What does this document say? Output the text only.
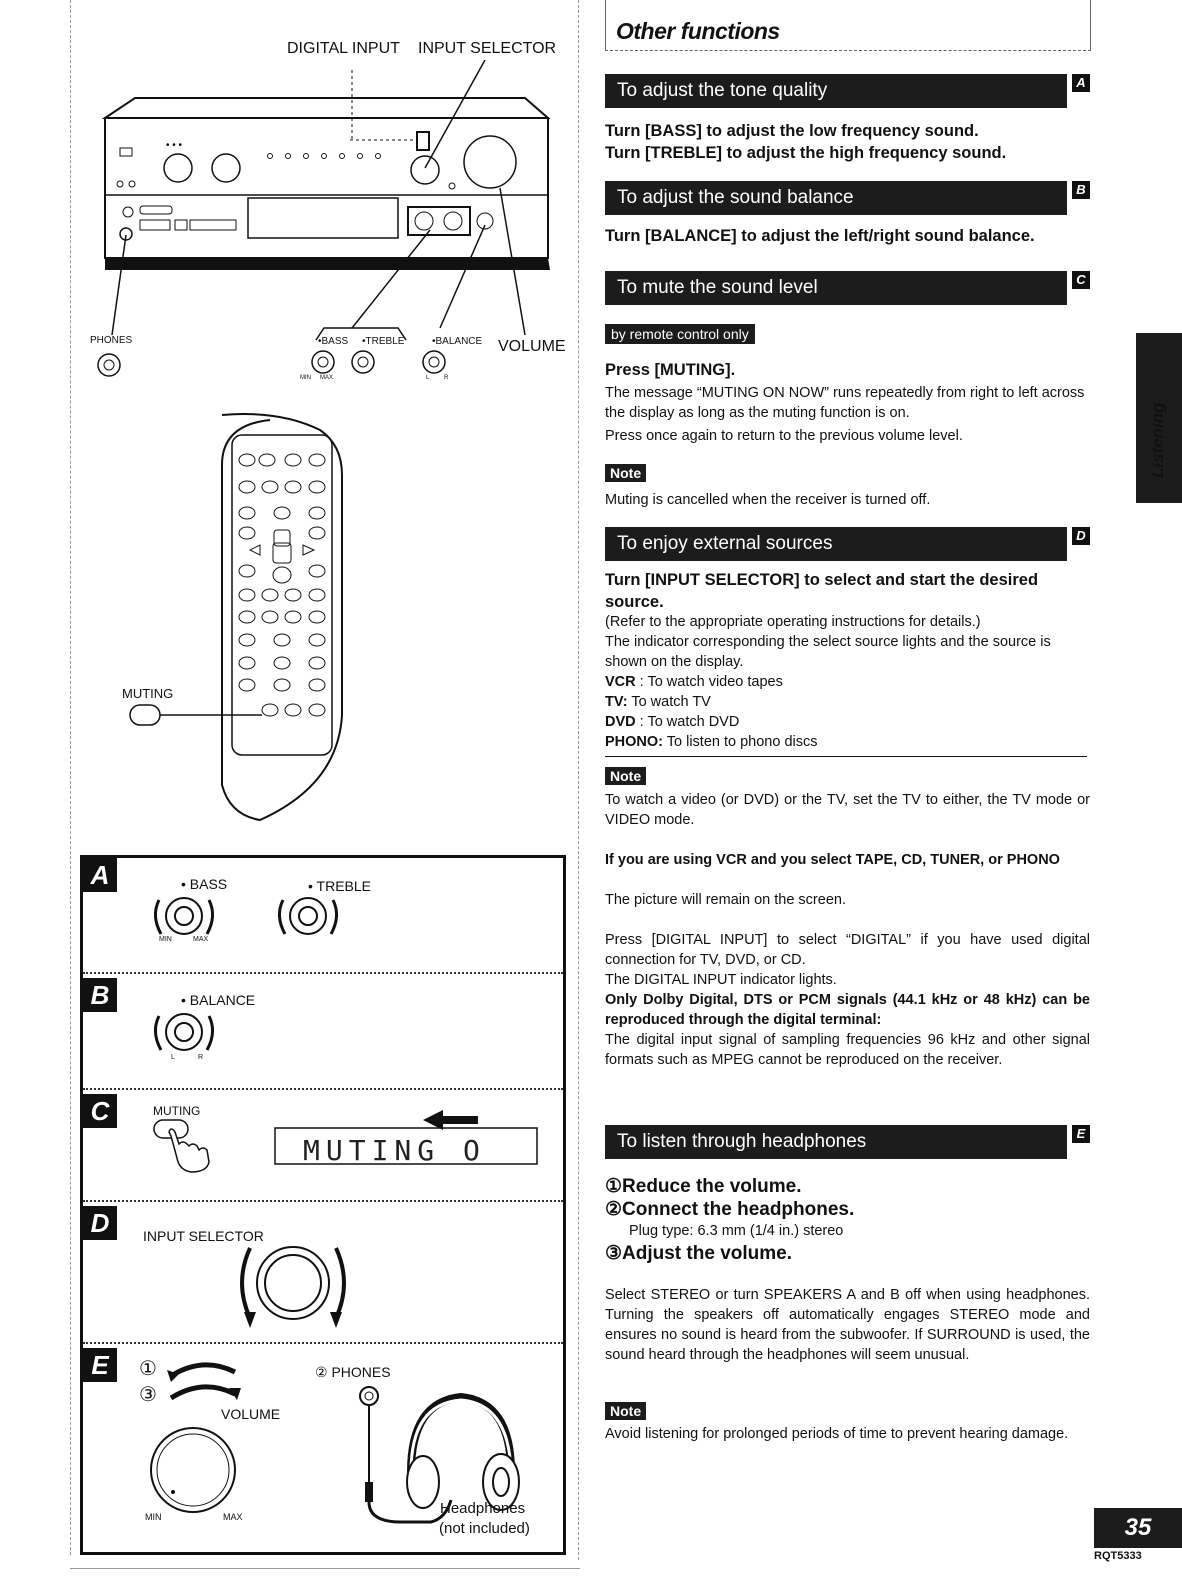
DIGITAL INPUT INPUT SELECTOR
• • •
PHONES	•BASS •TREBLE	•BALANCE VOLUME
MIN MAX	L R
MUTING
A	• BASS	• TREBLE
MIN	MAX
B	• BALANCE
L	R
C	MUTING
MUTING O
D	INPUT SELECTOR
E	①
③
VOLUME
MIN	MAX
② PHONES
Headphones
(not included)
Other functions
To adjust the tone quality	A
Turn [BASS] to adjust the low frequency sound.
Turn [TREBLE] to adjust the high frequency sound.
To adjust the sound balance	B
Turn [BALANCE] to adjust the left/right sound balance.
To mute the sound level	C
by remote control only
Press [MUTING].
The message “MUTING ON NOW” runs repeatedly from right to left across the display as long as the muting function is on.
Press once again to return to the previous volume level.
Note
Muting is cancelled when the receiver is turned off.
To enjoy external sources	D
Turn [INPUT SELECTOR] to select and start the desired source.
(Refer to the appropriate operating instructions for details.)
The indicator corresponding the select source lights and the source is shown on the display.
VCR : To watch video tapes
TV: To watch TV
DVD : To watch DVD
PHONO: To listen to phono discs
Note
To watch a video (or DVD) or the TV, set the TV to either, the TV mode or VIDEO mode.
If you are using VCR and you select TAPE, CD, TUNER, or PHONO
The picture will remain on the screen.
Press [DIGITAL INPUT] to select “DIGITAL” if you have used digital connection for TV, DVD, or CD.
The DIGITAL INPUT indicator lights.
Only Dolby Digital, DTS or PCM signals (44.1 kHz or 48 kHz) can be reproduced through the digital terminal:
The digital input signal of sampling frequencies 96 kHz and other signal formats such as MPEG cannot be reproduced on the receiver.
To listen through headphones	E
①Reduce the volume.
②Connect the headphones.
Plug type: 6.3 mm (1/4 in.) stereo
③Adjust the volume.
Select STEREO or turn SPEAKERS A and B off when using headphones. Turning the speakers off automatically engages STEREO mode and ensures no sound is heard from the subwoofer. If SURROUND is used, the sound heard through the headphones will seem unusual.
Note
Avoid listening for prolonged periods of time to prevent hearing damage.
Listening
35
RQT5333
